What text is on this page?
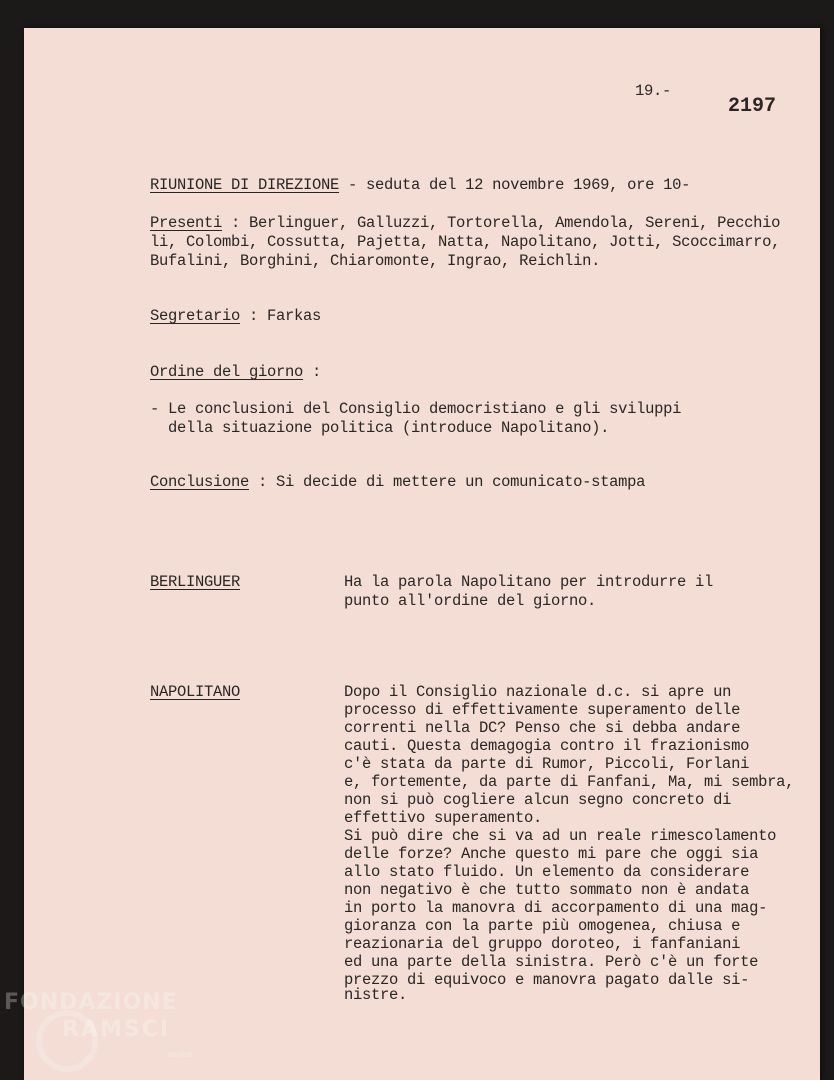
19.-
2197
RIUNIONE DI DIREZIONE - seduta del 12 novembre 1969, ore 10-
Presenti : Berlinguer, Galluzzi, Tortorella, Amendola, Sereni, Pecchio
li, Colombi, Cossutta, Pajetta, Natta, Napolitano, Jotti, Scoccimarro,
Bufalini, Borghini, Chiaromonte, Ingrao, Reichlin.
Segretario : Farkas
Ordine del giorno :
- Le conclusioni del Consiglio democristiano e gli sviluppi
della situazione politica (introduce Napolitano).
Conclusione : Si decide di mettere un comunicato-stampa
BERLINGUER	Ha la parola Napolitano per introdurre il
punto all'ordine del giorno.
NAPOLITANO	Dopo il Consiglio nazionale d.c. si apre un
processo di effettivamente superamento delle
correnti nella DC? Penso che si debba andare
cauti. Questa demagogia contro il frazionismo
c'è stata da parte di Rumor, Piccoli, Forlani
e, fortemente, da parte di Fanfani, Ma, mi sembra,
non si può cogliere alcun segno concreto di
effettivo superamento.
Si può dire che si va ad un reale rimescolamento
delle forze? Anche questo mi pare che oggi sia
allo stato fluido. Un elemento da considerare
non negativo è che tutto sommato non è andata
in porto la manovra di accorpamento di una mag-
gioranza con la parte più omogenea, chiusa e
reazionaria del gruppo doroteo, i fanfaniani
ed una parte della sinistra. Però c'è un forte
prezzo di equivoco e manovra pagato dalle si-
nistre.
FONDAZIONE
RAMSCI
onlus
